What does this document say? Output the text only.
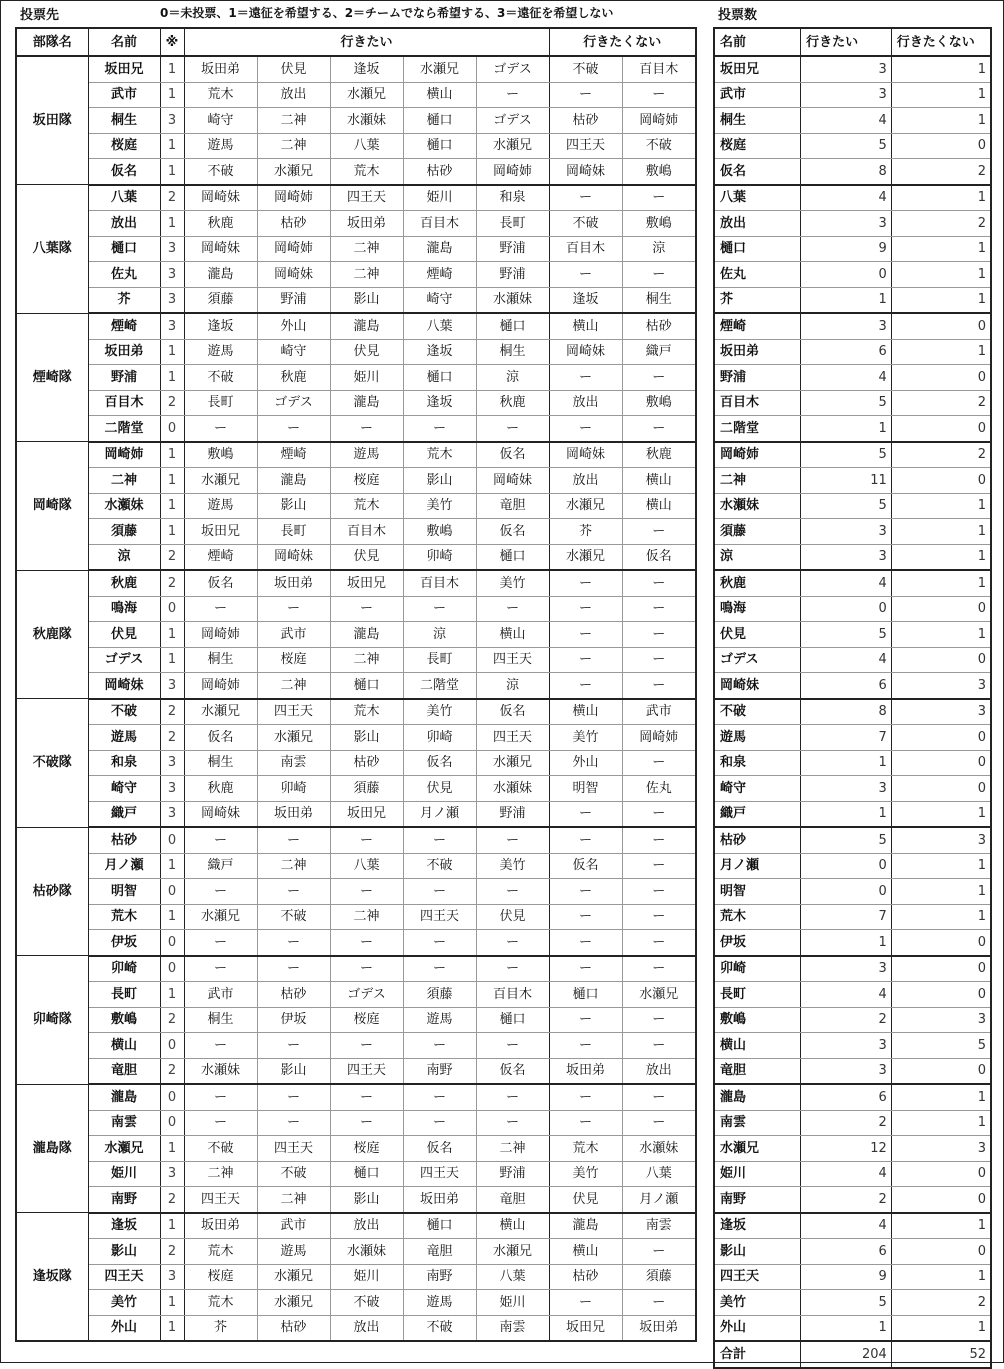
投票先	0＝未投票、1＝遠征を希望する、2＝チームでなら希望する、3＝遠征を希望しない	投票数
部隊名	名前	※	行きたい					行きたくない	
坂田隊	坂田兄	1	坂田弟	伏見	逢坂	水瀬兄	ゴデス	不破	百目木
	武市	1	荒木	放出	水瀬兄	横山	ー	ー	ー
	桐生	3	崎守	二神	水瀬妹	樋口	ゴデス	枯砂	岡崎姉
	桜庭	1	遊馬	二神	八葉	樋口	水瀬兄	四王天	不破
	仮名	1	不破	水瀬兄	荒木	枯砂	岡崎姉	岡崎妹	敷嶋
八葉隊	八葉	2	岡崎妹	岡崎姉	四王天	姫川	和泉	ー	ー
	放出	1	秋鹿	枯砂	坂田弟	百目木	長町	不破	敷嶋
	樋口	3	岡崎妹	岡崎姉	二神	瀧島	野浦	百目木	涼
	佐丸	3	瀧島	岡崎妹	二神	煙崎	野浦	ー	ー
	芥	3	須藤	野浦	影山	崎守	水瀬妹	逢坂	桐生
煙崎隊	煙崎	3	逢坂	外山	瀧島	八葉	樋口	横山	枯砂
	坂田弟	1	遊馬	崎守	伏見	逢坂	桐生	岡崎妹	織戸
	野浦	1	不破	秋鹿	姫川	樋口	涼	ー	ー
	百目木	2	長町	ゴデス	瀧島	逢坂	秋鹿	放出	敷嶋
	二階堂	0	ー	ー	ー	ー	ー	ー	ー
岡崎隊	岡崎姉	1	敷嶋	煙崎	遊馬	荒木	仮名	岡崎妹	秋鹿
	二神	1	水瀬兄	瀧島	桜庭	影山	岡崎妹	放出	横山
	水瀬妹	1	遊馬	影山	荒木	美竹	竜胆	水瀬兄	横山
	須藤	1	坂田兄	長町	百目木	敷嶋	仮名	芥	ー
	涼	2	煙崎	岡崎妹	伏見	卯崎	樋口	水瀬兄	仮名
秋鹿隊	秋鹿	2	仮名	坂田弟	坂田兄	百目木	美竹	ー	ー
	鳴海	0	ー	ー	ー	ー	ー	ー	ー
	伏見	1	岡崎姉	武市	瀧島	涼	横山	ー	ー
	ゴデス	1	桐生	桜庭	二神	長町	四王天	ー	ー
	岡崎妹	3	岡崎姉	二神	樋口	二階堂	涼	ー	ー
不破隊	不破	2	水瀬兄	四王天	荒木	美竹	仮名	横山	武市
	遊馬	2	仮名	水瀬兄	影山	卯崎	四王天	美竹	岡崎姉
	和泉	3	桐生	南雲	枯砂	仮名	水瀬兄	外山	ー
	崎守	3	秋鹿	卯崎	須藤	伏見	水瀬妹	明智	佐丸
	織戸	3	岡崎妹	坂田弟	坂田兄	月ノ瀬	野浦	ー	ー
枯砂隊	枯砂	0	ー	ー	ー	ー	ー	ー	ー
	月ノ瀬	1	織戸	二神	八葉	不破	美竹	仮名	ー
	明智	0	ー	ー	ー	ー	ー	ー	ー
	荒木	1	水瀬兄	不破	二神	四王天	伏見	ー	ー
	伊坂	0	ー	ー	ー	ー	ー	ー	ー
卯崎隊	卯崎	0	ー	ー	ー	ー	ー	ー	ー
	長町	1	武市	枯砂	ゴデス	須藤	百目木	樋口	水瀬兄
	敷嶋	2	桐生	伊坂	桜庭	遊馬	樋口	ー	ー
	横山	0	ー	ー	ー	ー	ー	ー	ー
	竜胆	2	水瀬妹	影山	四王天	南野	仮名	坂田弟	放出
瀧島隊	瀧島	0	ー	ー	ー	ー	ー	ー	ー
	南雲	0	ー	ー	ー	ー	ー	ー	ー
	水瀬兄	1	不破	四王天	桜庭	仮名	二神	荒木	水瀬妹
	姫川	3	二神	不破	樋口	四王天	野浦	美竹	八葉
	南野	2	四王天	二神	影山	坂田弟	竜胆	伏見	月ノ瀬
逢坂隊	逢坂	1	坂田弟	武市	放出	樋口	横山	瀧島	南雲
	影山	2	荒木	遊馬	水瀬妹	竜胆	水瀬兄	横山	ー
	四王天	3	桜庭	水瀬兄	姫川	南野	八葉	枯砂	須藤
	美竹	1	荒木	水瀬兄	不破	遊馬	姫川	ー	ー
	外山	1	芥	枯砂	放出	不破	南雲	坂田兄	坂田弟
名前	行きたい	行きたくない
坂田兄	3	1
武市	3	1
桐生	4	1
桜庭	5	0
仮名	8	2
八葉	4	1
放出	3	2
樋口	9	1
佐丸	0	1
芥	1	1
煙崎	3	0
坂田弟	6	1
野浦	4	0
百目木	5	2
二階堂	1	0
岡崎姉	5	2
二神	11	0
水瀬妹	5	1
須藤	3	1
涼	3	1
秋鹿	4	1
鳴海	0	0
伏見	5	1
ゴデス	4	0
岡崎妹	6	3
不破	8	3
遊馬	7	0
和泉	1	0
崎守	3	0
織戸	1	1
枯砂	5	3
月ノ瀬	0	1
明智	0	1
荒木	7	1
伊坂	1	0
卯崎	3	0
長町	4	0
敷嶋	2	3
横山	3	5
竜胆	3	0
瀧島	6	1
南雲	2	1
水瀬兄	12	3
姫川	4	0
南野	2	0
逢坂	4	1
影山	6	0
四王天	9	1
美竹	5	2
外山	1	1
合計	204	52
